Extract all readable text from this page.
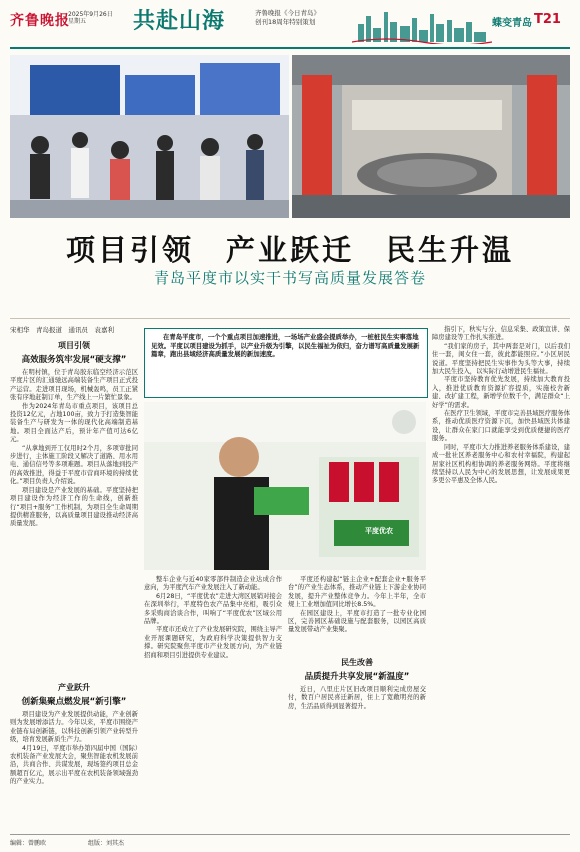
齐鲁晚报
2025年9月26日
星期五	共赴山海	齐鲁晚报《今日青岛》
创刊18周年特别策划	蝶变青岛 T21
项目引领　产业跃迁　民生升温
青岛平度市以实干书写高质量发展答卷
宋相华　青岛报道　通讯员　袁嘉利
项目引领
高效服务筑牢发展“硬支撑”

在明村镇，位于青岛胶东临空经济示范区平度片区的汇通驰远高端装备生产项目正式投产运营。走进项目现场，机械轰鸣，员工正紧张有序地赶制订单，生产线上一片繁忙景象。

作为2024年青岛市重点项目，该项目总投资12亿元，占地100亩，致力于打造集智能装备生产与研发为一体的现代化高端制造基地。项目全面达产后，预计年产值可达6亿元。

“从拿地到开工仅用时2个月，多项审批同步进行，主体施工阶段又解决了道路、用水用电、通信信号等多项难题。项目从落地到投产的高效推进，得益于平度市营商环境的持续优化。”项目负责人介绍说。

项目建设是产业发展的基础。平度坚持把项目建设作为经济工作的生命线，创新推行“项目+服务”工作机制，为项目全生命周期提供精准服务，以高质量项目建设推动经济高质量发展。

产业跃升
创新集聚点燃发展“新引擎”

项目建设为产业发展提供动能，产业创新则为发展增添活力。今年以来，平度市围绕产业链布局创新链，以科技创新引领产业转型升级，培育发展新质生产力。

4月19日，平度市举办第四届中国（国际）农机装备产业发展大会，聚焦智能农机发展前沿，共商合作、共谋发展，现场签约项目总金额超百亿元，展示出平度在农机装备领域强劲的产业实力。

在青岛平度市，一个个重点项目加速推进，一场场产业盛会提质举办，一桩桩民生实事落地见效。平度以项目建设为抓手，以产业升级为引擎，以民生福祉为依归，奋力谱写高质量发展新篇章，跑出县域经济高质量发展的新加速度。
平度优农

整车企业与近40家零部件制造企业达成合作意向，为平度汽车产业发展注入了新动能。

6月28日，“平度优农”走进大湾区展销对接会在深圳举行，平度特色农产品集中亮相，吸引众多采购商洽谈合作，叫响了“平度优农”区域公用品牌。

平度市还成立了产业发展研究院，围绕主导产业开展课题研究，为政府科学决策提供智力支撑。研究院聚焦平度市产业发展方向，为产业链招商和项目引进提供专业建议。

平度还构建起“链主企业+配套企业+服务平台”的产业生态体系，推动产业链上下游企业协同发展，提升产业整体竞争力。今年上半年，全市规上工业增加值同比增长8.5%。

在园区建设上，平度市打造了一批专业化园区，完善园区基础设施与配套服务，以园区高质量发展带动产业集聚。

民生改善
品质提升共享发展“新温度”

近日，八里庄片区旧改项目顺利完成房屋交付，数百户居民喜迁新居，住上了宽敞明亮的新房，生活品质得到显著提升。

指引下，秋实与分、信息采集、政策宣讲、保障房建设等工作扎实推进。

“我们家的房子，其中两套是对门，以后我们住一套，闺女住一套，彼此都能照应。”小区居民说道。平度坚持把民生实事作为头等大事，持续加大民生投入，以实际行动增进民生福祉。

平度市坚持教育优先发展，持续加大教育投入，推进优质教育资源扩容提质，实施校舍新建、改扩建工程，新增学位数千个，满足群众“上好学”的需求。

在医疗卫生领域，平度市完善县域医疗服务体系，推动优质医疗资源下沉，加快县域医共体建设，让群众在家门口就能享受到优质便捷的医疗服务。

同时，平度市大力推进养老服务体系建设，建成一批社区养老服务中心和农村幸福院，构建起居家社区机构相协调的养老服务网络。平度将继续坚持以人民为中心的发展思想，让发展成果更多更公平惠及全体人民。

编辑：曾鹏欧	组版：刘其杰
